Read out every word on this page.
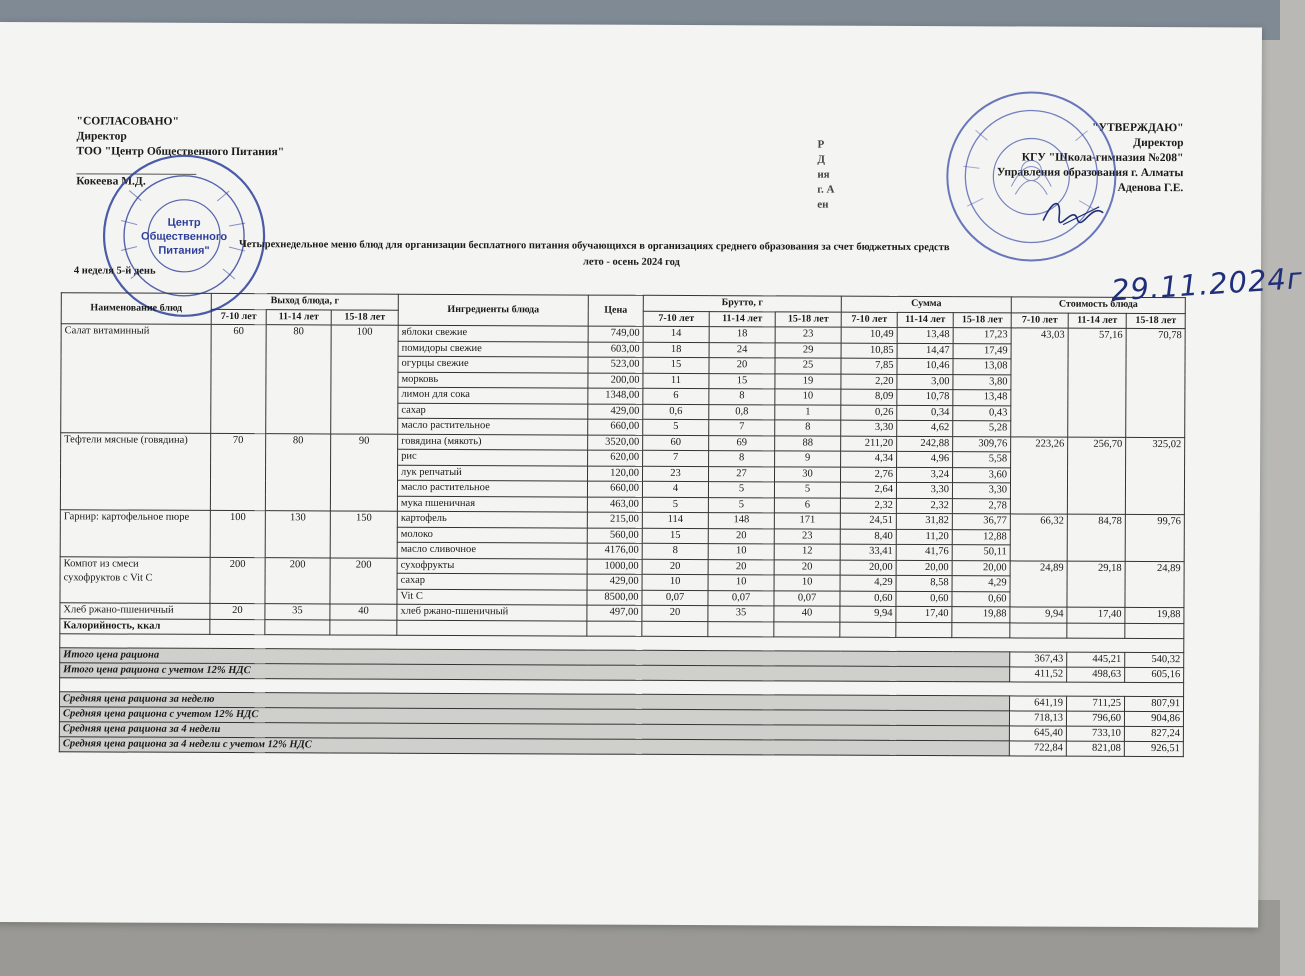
"СОГЛАСОВАНО"
Директор
ТОО "Центр Общественного Питания"
Кокеева М.Д.
Р
Д
ия
г. А
ен
"УТВЕРЖДАЮ"
Директор
КГУ "Школа-гимназия №208"
Управления образования г. Алматы
Аденова Г.Е.
Центр
Общественного
Питания"	Четырехнедельное меню блюд для организации бесплатного питания обучающихся в организациях среднего образования за счет бюджетных средств
лето - осень 2024 год
4 неделя 5-й день	29.11.2024г
Наименование блюд	Выход блюда, г			Ингредиенты блюда	Цена	Брутто, г			Сумма			Стоимость блюда		
	7-10 лет	11-14 лет	15-18 лет			7-10 лет	11-14 лет	15-18 лет	7-10 лет	11-14 лет	15-18 лет	7-10 лет	11-14 лет	15-18 лет
Салат витаминный	60	80	100	яблоки свежие	749,00	14	18	23	10,49	13,48	17,23	43,03	57,16	70,78
				помидоры свежие	603,00	18	24	29	10,85	14,47	17,49			
				огурцы свежие	523,00	15	20	25	7,85	10,46	13,08			
				морковь	200,00	11	15	19	2,20	3,00	3,80			
				лимон для сока	1348,00	6	8	10	8,09	10,78	13,48			
				сахар	429,00	0,6	0,8	1	0,26	0,34	0,43			
				масло растительное	660,00	5	7	8	3,30	4,62	5,28			
Тефтели мясные (говядина)	70	80	90	говядина (мякоть)	3520,00	60	69	88	211,20	242,88	309,76	223,26	256,70	325,02
				рис	620,00	7	8	9	4,34	4,96	5,58			
				лук репчатый	120,00	23	27	30	2,76	3,24	3,60			
				масло растительное	660,00	4	5	5	2,64	3,30	3,30			
				мука пшеничная	463,00	5	5	6	2,32	2,32	2,78			
Гарнир: картофельное пюре	100	130	150	картофель	215,00	114	148	171	24,51	31,82	36,77	66,32	84,78	99,76
				молоко	560,00	15	20	23	8,40	11,20	12,88			
				масло сливочное	4176,00	8	10	12	33,41	41,76	50,11			

Компот из смеси
сухофруктов с Vit C	200	200	200	сухофрукты	1000,00	20	20	20	20,00	20,00	20,00	24,89	29,18	24,89
				сахар	429,00	10	10	10	4,29	8,58	4,29			
				Vit C	8500,00	0,07	0,07	0,07	0,60	0,60	0,60			
Хлеб ржано-пшеничный	20	35	40	хлеб ржано-пшеничный	497,00	20	35	40	9,94	17,40	19,88	9,94	17,40	19,88
Калорийность, ккал														

Итого цена рациона												367,43	445,21	540,32
Итого цена рациона с учетом 12% НДС												411,52	498,63	605,16

Средняя цена рациона за неделю												641,19	711,25	807,91
Средняя цена рациона с учетом 12% НДС												718,13	796,60	904,86
Средняя цена рациона за 4 недели												645,40	733,10	827,24
Средняя цена рациона за 4 недели с учетом 12% НДС												722,84	821,08	926,51
